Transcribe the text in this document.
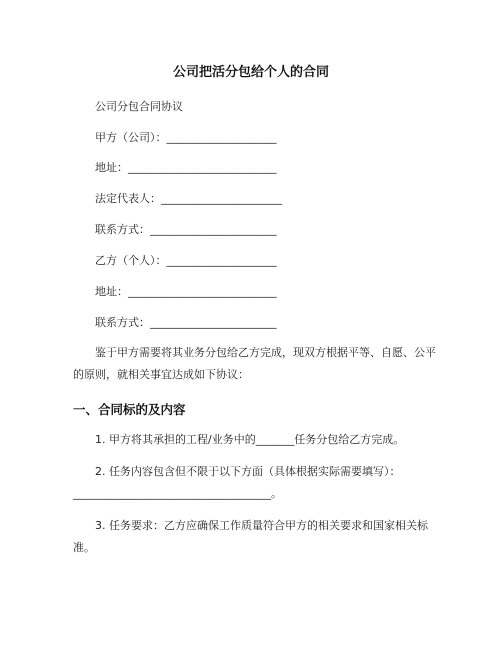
公司把活分包给个人的合同
公司分包合同协议
甲方（公司）：____________________
地址：___________________________
法定代表人：______________________
联系方式：_______________________
乙方（个人）：____________________
地址：___________________________
联系方式：_______________________
鉴于甲方需要将其业务分包给乙方完成，现双方根据平等、自愿、公平的原则，就相关事宜达成如下协议：
一、合同标的及内容
1. 甲方将其承担的工程/业务中的_______任务分包给乙方完成。
2. 任务内容包含但不限于以下方面（具体根据实际需要填写）：____________________________________。
3. 任务要求：乙方应确保工作质量符合甲方的相关要求和国家相关标准。
